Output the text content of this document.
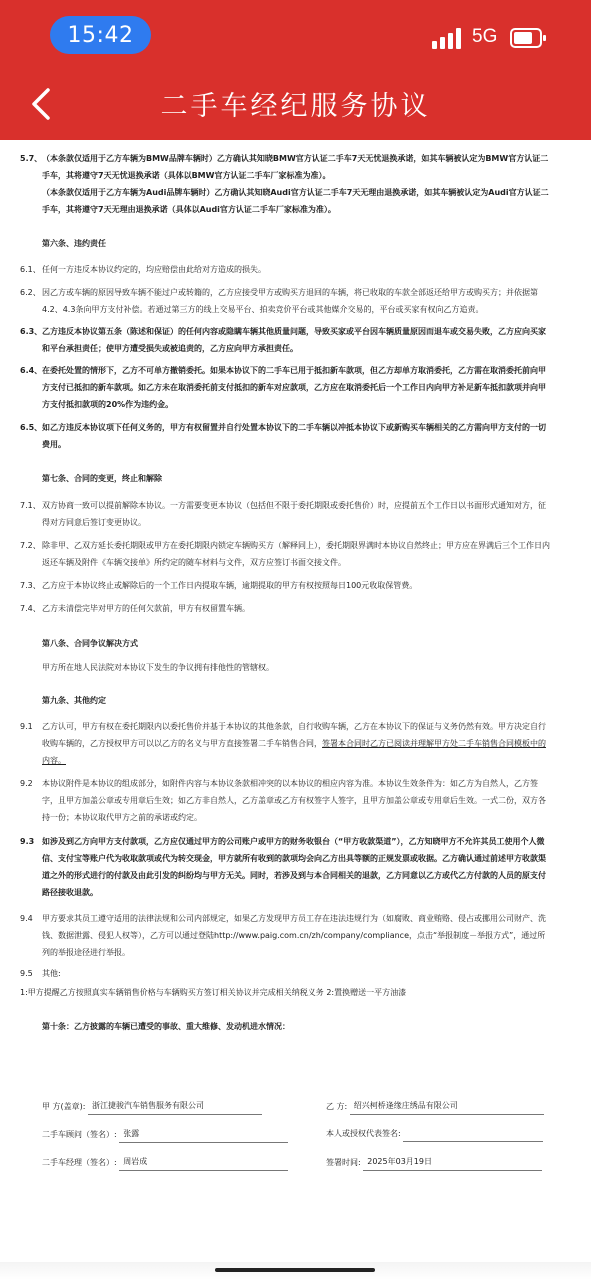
15:42	5G
二手车经纪服务协议
5.7、 （本条款仅适用于乙方车辆为BMW品牌车辆时）乙方确认其知晓BMW官方认证二手车7天无忧退换承诺，如其车辆被认定为BMW官方认证二手车，其将遵守7天无忧退换承诺（具体以BMW官方认证二手车厂家标准为准）。
（本条款仅适用于乙方车辆为Audi品牌车辆时）乙方确认其知晓Audi官方认证二手车7天无理由退换承诺，如其车辆被认定为Audi官方认证二手车，其将遵守7天无理由退换承诺（具体以Audi官方认证二手车厂家标准为准）。
第六条、违约责任
6.1、 任何一方违反本协议约定的，均应赔偿由此给对方造成的损失。
6.2、 因乙方或车辆的原因导致车辆不能过户或转籍的，乙方应接受甲方或购买方退回的车辆，将已收取的车款全部返还给甲方或购买方；并依据第4.2、4.3条向甲方支付补偿。若通过第三方的线上交易平台、拍卖竞价平台或其他媒介交易的，平台或买家有权向乙方追责。
6.3、 乙方违反本协议第五条（陈述和保证）的任何内容或隐瞒车辆其他质量问题，导致买家或平台因车辆质量原因而退车或交易失败，乙方应向买家和平台承担责任；使甲方遭受损失或被追责的，乙方应向甲方承担责任。
6.4、 在委托处置的情形下，乙方不可单方撤销委托。如果本协议下的二手车已用于抵扣新车款项，但乙方却单方取消委托，乙方需在取消委托前向甲方支付已抵扣的新车款项。如乙方未在取消委托前支付抵扣的新车对应款项，乙方应在取消委托后一个工作日内向甲方补足新车抵扣款项并向甲方支付抵扣款项的20%作为违约金。
6.5、 如乙方违反本协议项下任何义务的，甲方有权留置并自行处置本协议下的二手车辆以冲抵本协议下或新购买车辆相关的乙方需向甲方支付的一切费用。
第七条、合同的变更，终止和解除
7.1、 双方协商一致可以提前解除本协议。一方需要变更本协议（包括但不限于委托期限或委托售价）时，应提前五个工作日以书面形式通知对方，征得对方同意后签订变更协议。
7.2、 除非甲、乙双方延长委托期限或甲方在委托期限内锁定车辆购买方（解释同上），委托期限界满时本协议自然终止；甲方应在界满后三个工作日内返还车辆及附件《车辆交接单》所约定的随车材料与文件，双方应签订书面交接文件。
7.3、 乙方应于本协议终止或解除后的一个工作日内提取车辆，逾期提取的甲方有权按照每日100元收取保管费。
7.4、 乙方未清偿完毕对甲方的任何欠款前，甲方有权留置车辆。
第八条、合同争议解决方式
甲方所在地人民法院对本协议下发生的争议拥有排他性的管辖权。
第九条、其他约定
9.1 乙方认可，甲方有权在委托期限内以委托售价并基于本协议的其他条款，自行收购车辆，乙方在本协议下的保证与义务仍然有效。甲方决定自行收购车辆的，乙方授权甲方可以以乙方的名义与甲方直接签署二手车销售合同，签署本合同时乙方已阅读并理解甲方处二手车销售合同模板中的内容。
9.2 本协议附件是本协议的组成部分，如附件内容与本协议条款相冲突的以本协议的相应内容为准。本协议生效条件为：如乙方为自然人，乙方签字，且甲方加盖公章或专用章后生效；如乙方非自然人，乙方盖章或乙方有权签字人签字，且甲方加盖公章或专用章后生效。一式二份，双方各持一份；本协议取代甲方之前的承诺或约定。
9.3 如涉及到乙方向甲方支付款项，乙方应仅通过甲方的公司账户或甲方的财务收银台（“甲方收款渠道”），乙方知晓甲方不允许其员工使用个人微信、支付宝等账户代为收取款项或代为转交现金，甲方就所有收到的款项均会向乙方出具等额的正规发票或收据。乙方确认通过前述甲方收款渠道之外的形式进行的付款及由此引发的纠纷均与甲方无关。同时，若涉及到与本合同相关的退款，乙方同意以乙方或代乙方付款的人员的原支付路径接收退款。
9.4 甲方要求其员工遵守适用的法律法规和公司内部规定，如果乙方发现甲方员工存在违法违规行为（如腐败、商业贿赂、侵占或挪用公司财产、洗钱、数据泄露、侵犯人权等），乙方可以通过登陆http://www.paig.com.cn/zh/company/compliance，点击“举报制度－举报方式”，通过所列的举报途径进行举报。
9.5 其他:
1:甲方提醒乙方按照真实车辆销售价格与车辆购买方签订相关协议并完成相关纳税义务 2:置换赠送一平方油漆
第十条：乙方披露的车辆已遭受的事故、重大维修、发动机进水情况：
甲 方(盖章): 浙江捷骏汽车销售服务有限公司	乙 方: 绍兴柯桥逢缘庄绣品有限公司
二手车顾问（签名）: 张露	本人或授权代表签名:
二手车经理（签名）: 周岩成	签署时间: 2025年03月19日
